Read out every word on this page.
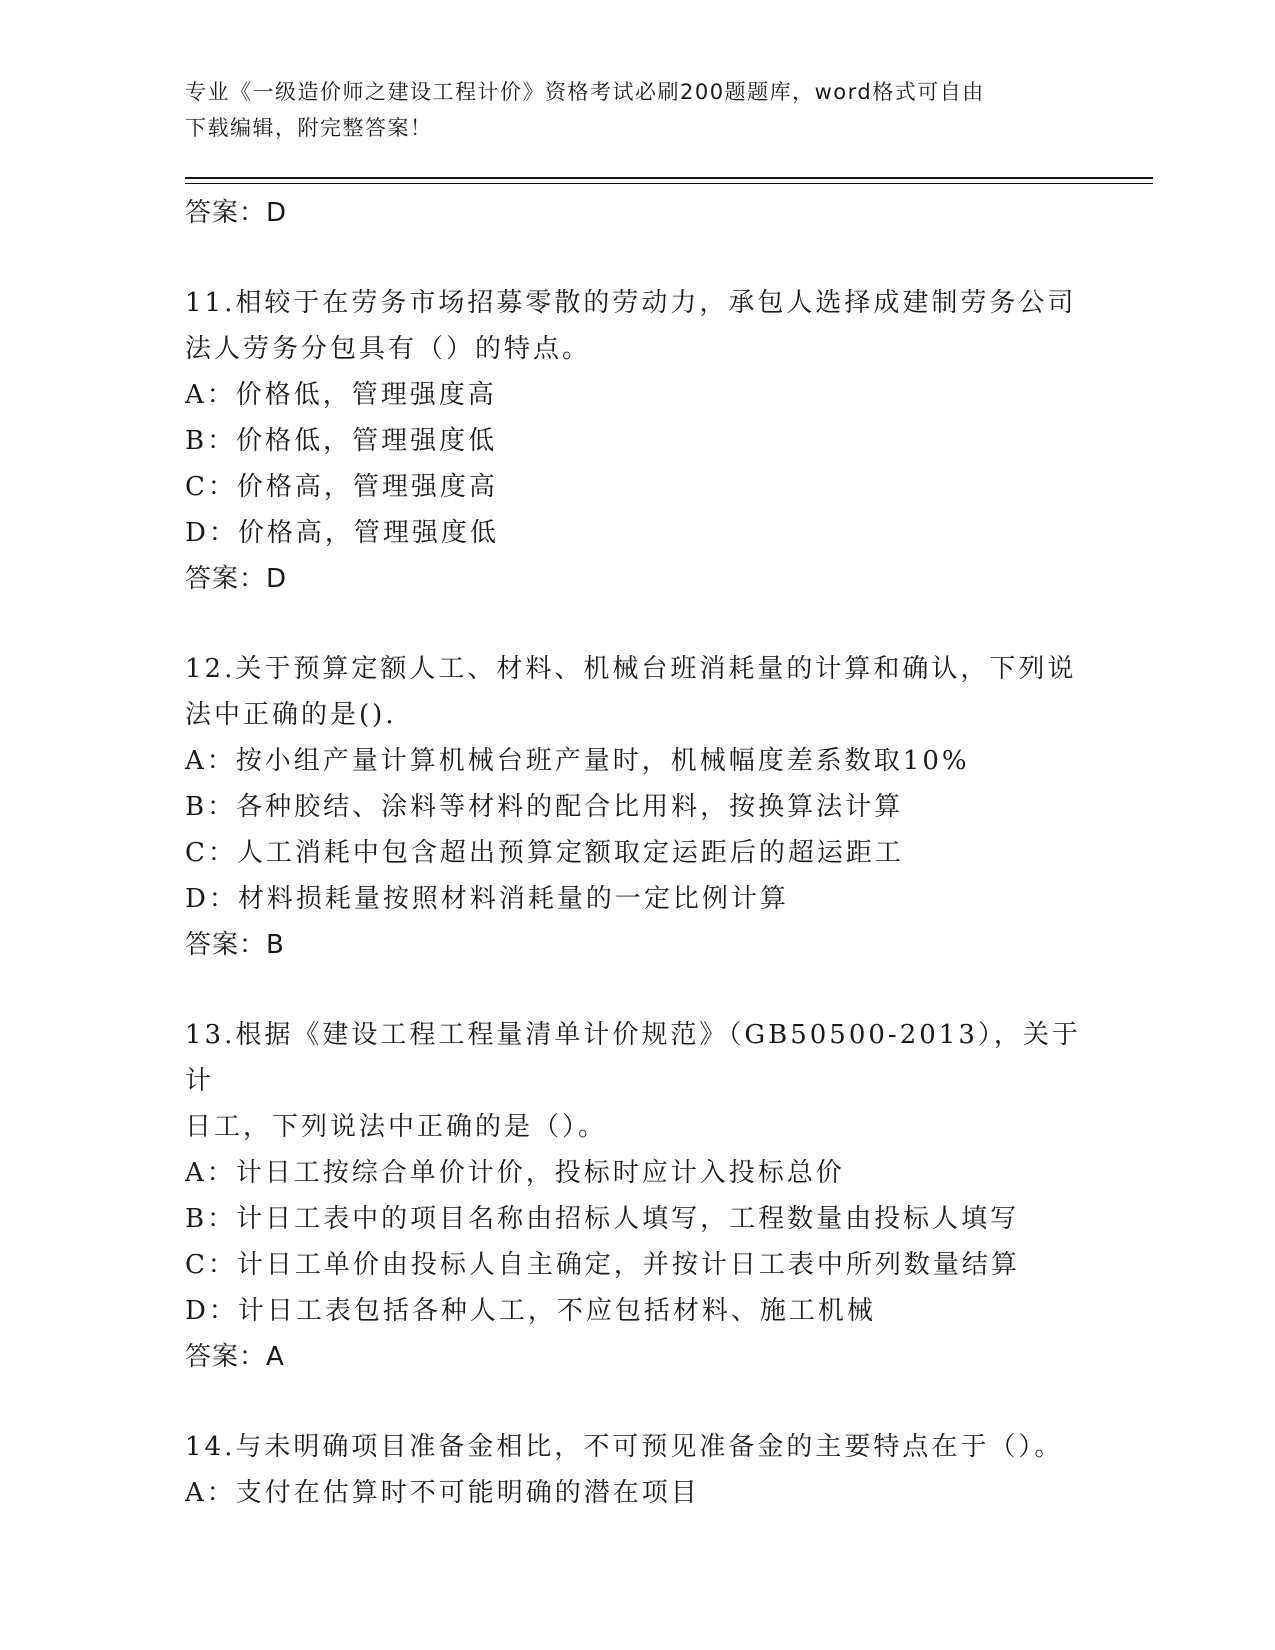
专业《一级造价师之建设工程计价》资格考试必刷200题题库，word格式可自由
下载编辑，附完整答案！
答案：D
11.相较于在劳务市场招募零散的劳动力，承包人选择成建制劳务公司
法人劳务分包具有（）的特点。
A：价格低，管理强度高
B：价格低，管理强度低
C：价格高，管理强度高
D：价格高，管理强度低
答案：D
12.关于预算定额人工、材料、机械台班消耗量的计算和确认，下列说
法中正确的是().
A：按小组产量计算机械台班产量时，机械幅度差系数取10%
B：各种胶结、涂料等材料的配合比用料，按换算法计算
C：人工消耗中包含超出预算定额取定运距后的超运距工
D：材料损耗量按照材料消耗量的一定比例计算
答案：B
13.根据《建设工程工程量清单计价规范》（GB50500-2013），关于计
日工，下列说法中正确的是（）。
A：计日工按综合单价计价，投标时应计入投标总价
B：计日工表中的项目名称由招标人填写，工程数量由投标人填写
C：计日工单价由投标人自主确定，并按计日工表中所列数量结算
D：计日工表包括各种人工，不应包括材料、施工机械
答案：A
14.与未明确项目准备金相比，不可预见准备金的主要特点在于（）。
A：支付在估算时不可能明确的潜在项目
